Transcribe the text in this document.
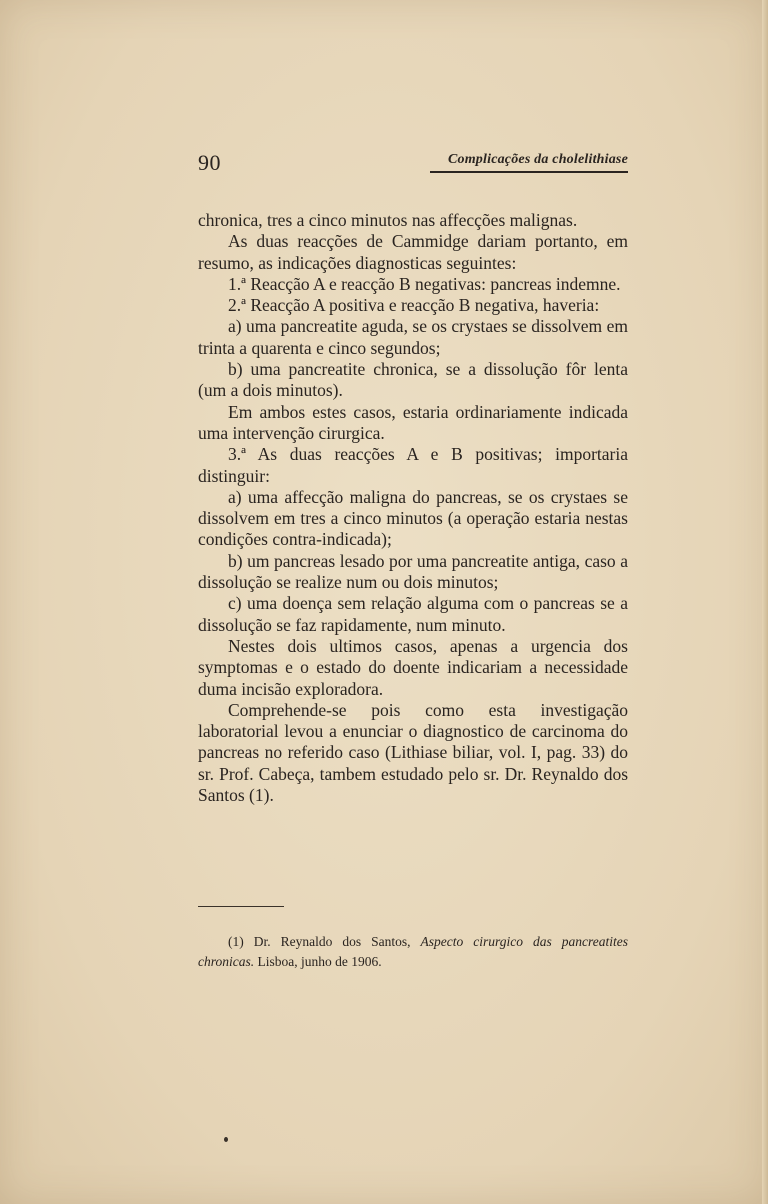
90	Complicações da cholelithiase

chronica, tres a cinco minutos nas affecções malignas.

As duas reacções de Cammidge dariam portanto, em resumo, as indicações diagnosticas seguintes:

1.ª Reacção A e reacção B negativas: pancreas indemne.

2.ª Reacção A positiva e reacção B negativa, haveria:

a) uma pancreatite aguda, se os crystaes se dissolvem em trinta a quarenta e cinco segundos;

b) uma pancreatite chronica, se a dissolução fôr lenta (um a dois minutos).

Em ambos estes casos, estaria ordinariamente indicada uma intervenção cirurgica.

3.ª As duas reacções A e B positivas; importaria distinguir:

a) uma affecção maligna do pancreas, se os crystaes se dissolvem em tres a cinco minutos (a operação estaria nestas condições contra-indicada);

b) um pancreas lesado por uma pancreatite antiga, caso a dissolução se realize num ou dois minutos;

c) uma doença sem relação alguma com o pancreas se a dissolução se faz rapidamente, num minuto.

Nestes dois ultimos casos, apenas a urgencia dos symptomas e o estado do doente indicariam a necessidade duma incisão exploradora.

Comprehende-se pois como esta investigação laboratorial levou a enunciar o diagnostico de carcinoma do pancreas no referido caso (Lithiase biliar, vol. I, pag. 33) do sr. Prof. Cabeça, tambem estudado pelo sr. Dr. Reynaldo dos Santos (1).

(1) Dr. Reynaldo dos Santos, Aspecto cirurgico das pancreatites chronicas. Lisboa, junho de 1906.
